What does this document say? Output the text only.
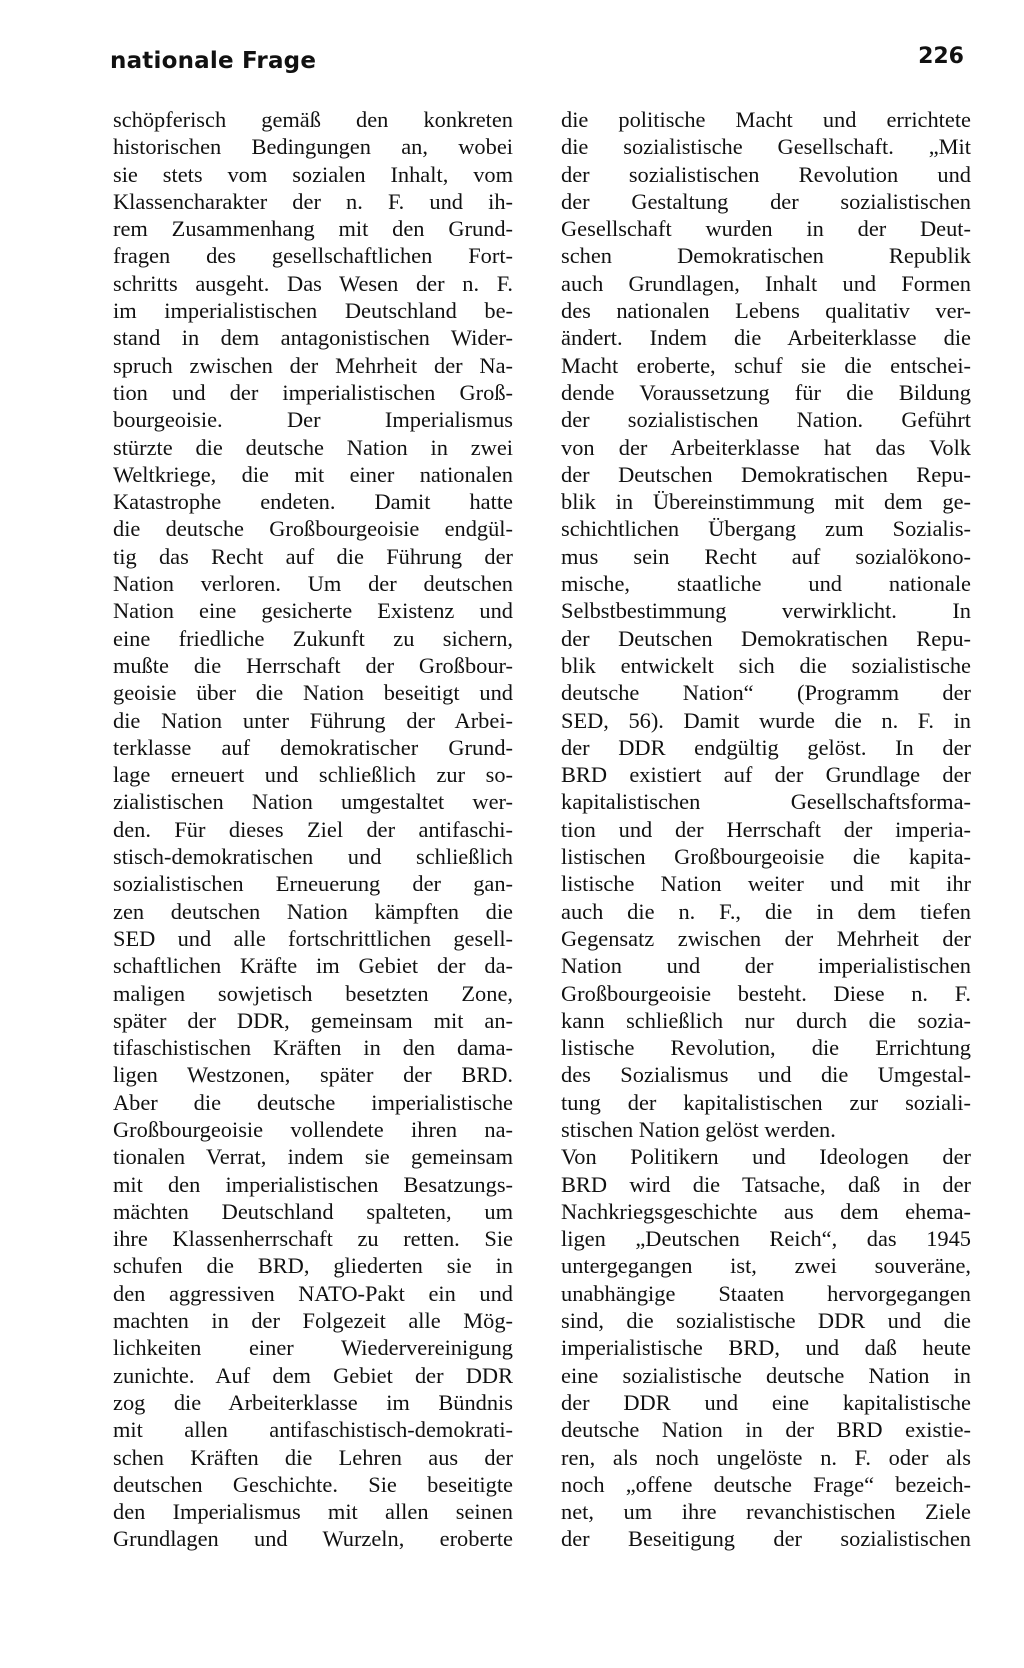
nationale Frage	226
schöpferisch gemäß den konkreten
historischen Bedingungen an, wobei
sie stets vom sozialen Inhalt, vom
Klassencharakter der n. F. und ih-
rem Zusammenhang mit den Grund-
fragen des gesellschaftlichen Fort-
schritts ausgeht. Das Wesen der n. F.
im imperialistischen Deutschland be-
stand in dem antagonistischen Wider-
spruch zwischen der Mehrheit der Na-
tion und der imperialistischen Groß-
bourgeoisie. Der Imperialismus
stürzte die deutsche Nation in zwei
Weltkriege, die mit einer nationalen
Katastrophe endeten. Damit hatte
die deutsche Großbourgeoisie endgül-
tig das Recht auf die Führung der
Nation verloren. Um der deutschen
Nation eine gesicherte Existenz und
eine friedliche Zukunft zu sichern,
mußte die Herrschaft der Großbour-
geoisie über die Nation beseitigt und
die Nation unter Führung der Arbei-
terklasse auf demokratischer Grund-
lage erneuert und schließlich zur so-
zialistischen Nation umgestaltet wer-
den. Für dieses Ziel der antifaschi-
stisch-demokratischen und schließlich
sozialistischen Erneuerung der gan-
zen deutschen Nation kämpften die
SED und alle fortschrittlichen gesell-
schaftlichen Kräfte im Gebiet der da-
maligen sowjetisch besetzten Zone,
später der DDR, gemeinsam mit an-
tifaschistischen Kräften in den dama-
ligen Westzonen, später der BRD.
Aber die deutsche imperialistische
Großbourgeoisie vollendete ihren na-
tionalen Verrat, indem sie gemeinsam
mit den imperialistischen Besatzungs-
mächten Deutschland spalteten, um
ihre Klassenherrschaft zu retten. Sie
schufen die BRD, gliederten sie in
den aggressiven NATO-Pakt ein und
machten in der Folgezeit alle Mög-
lichkeiten einer Wiedervereinigung
zunichte. Auf dem Gebiet der DDR
zog die Arbeiterklasse im Bündnis
mit allen antifaschistisch-demokrati-
schen Kräften die Lehren aus der
deutschen Geschichte. Sie beseitigte
den Imperialismus mit allen seinen
Grundlagen und Wurzeln, eroberte
die politische Macht und errichtete
die sozialistische Gesellschaft. „Mit
der sozialistischen Revolution und
der Gestaltung der sozialistischen
Gesellschaft wurden in der Deut-
schen Demokratischen Republik
auch Grundlagen, Inhalt und Formen
des nationalen Lebens qualitativ ver-
ändert. Indem die Arbeiterklasse die
Macht eroberte, schuf sie die entschei-
dende Voraussetzung für die Bildung
der sozialistischen Nation. Geführt
von der Arbeiterklasse hat das Volk
der Deutschen Demokratischen Repu-
blik in Übereinstimmung mit dem ge-
schichtlichen Übergang zum Sozialis-
mus sein Recht auf sozialökono-
mische, staatliche und nationale
Selbstbestimmung verwirklicht. In
der Deutschen Demokratischen Repu-
blik entwickelt sich die sozialistische
deutsche Nation“ (Programm der
SED, 56). Damit wurde die n. F. in
der DDR endgültig gelöst. In der
BRD existiert auf der Grundlage der
kapitalistischen Gesellschaftsforma-
tion und der Herrschaft der imperia-
listischen Großbourgeoisie die kapita-
listische Nation weiter und mit ihr
auch die n. F., die in dem tiefen
Gegensatz zwischen der Mehrheit der
Nation und der imperialistischen
Großbourgeoisie besteht. Diese n. F.
kann schließlich nur durch die sozia-
listische Revolution, die Errichtung
des Sozialismus und die Umgestal-
tung der kapitalistischen zur soziali-
stischen Nation gelöst werden.
Von Politikern und Ideologen der
BRD wird die Tatsache, daß in der
Nachkriegsgeschichte aus dem ehema-
ligen „Deutschen Reich“, das 1945
untergegangen ist, zwei souveräne,
unabhängige Staaten hervorgegangen
sind, die sozialistische DDR und die
imperialistische BRD, und daß heute
eine sozialistische deutsche Nation in
der DDR und eine kapitalistische
deutsche Nation in der BRD existie-
ren, als noch ungelöste n. F. oder als
noch „offene deutsche Frage“ bezeich-
net, um ihre revanchistischen Ziele
der Beseitigung der sozialistischen
